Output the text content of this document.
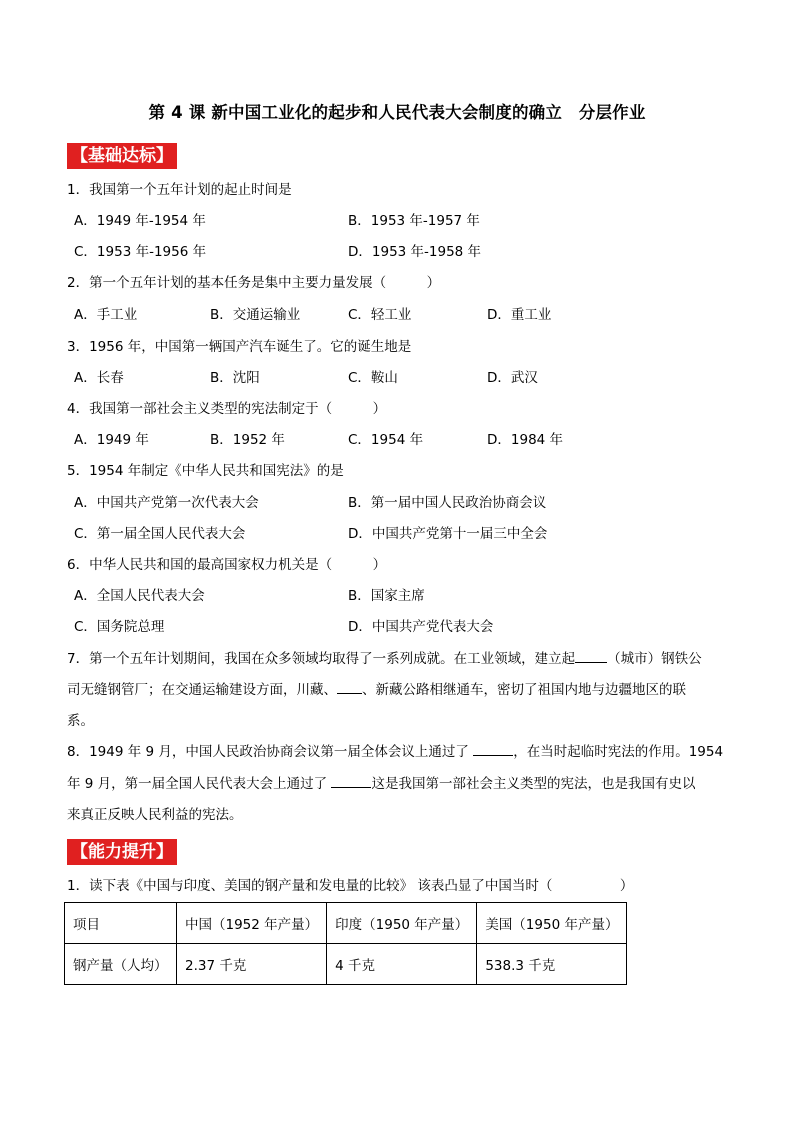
第 4 课 新中国工业化的起步和人民代表大会制度的确立　分层作业
【基础达标】
1．我国第一个五年计划的起止时间是
A．1949 年-1954 年	B．1953 年-1957 年
C．1953 年-1956 年	D．1953 年-1958 年
2．第一个五年计划的基本任务是集中主要力量发展（　　　）
A．手工业	B．交通运输业	C．轻工业	D．重工业
3．1956 年，中国第一辆国产汽车诞生了。它的诞生地是
A．长春	B．沈阳	C．鞍山	D．武汉
4．我国第一部社会主义类型的宪法制定于（　　　）
A．1949 年	B．1952 年	C．1954 年	D．1984 年
5．1954 年制定《中华人民共和国宪法》的是
A．中国共产党第一次代表大会	B．第一届中国人民政治协商会议
C．第一届全国人民代表大会	D．中国共产党第十一届三中全会
6．中华人民共和国的最高国家权力机关是（　　　）
A．全国人民代表大会	B．国家主席
C．国务院总理	D．中国共产党代表大会
7．第一个五年计划期间，我国在众多领域均取得了一系列成就。在工业领域，建立起 （城市）钢铁公
司无缝钢管厂；在交通运输建设方面，川藏、 、新藏公路相继通车，密切了祖国内地与边疆地区的联
系。
8．1949 年 9 月，中国人民政治协商会议第一届全体会议上通过了	，在当时起临时宪法的作用。1954
年 9 月，第一届全国人民代表大会上通过了	这是我国第一部社会主义类型的宪法，也是我国有史以
来真正反映人民利益的宪法。
【能力提升】
1．读下表《中国与印度、美国的钢产量和发电量的比较》 该表凸显了中国当时（　　　　　）
项目	中国（1952 年产量）	印度（1950 年产量）	美国（1950 年产量）
钢产量（人均）	2.37 千克	4 千克	538.3 千克
